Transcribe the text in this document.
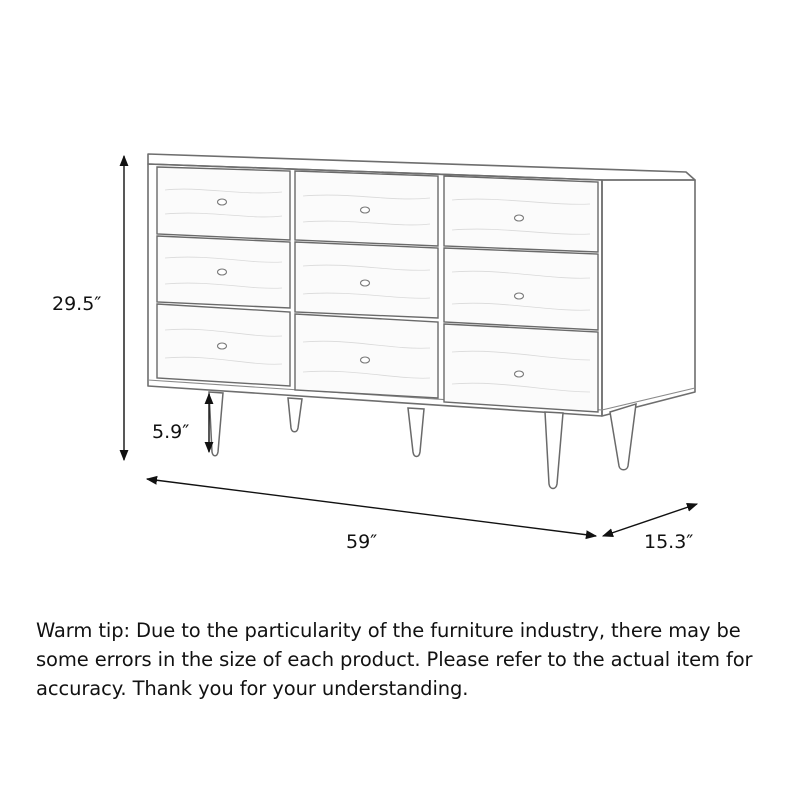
29.5″
5.9″
59″	15.3″

Warm tip: Due to the particularity of the furniture industry, there may be some errors in the size of each product. Please refer to the actual item for accuracy. Thank you for your understanding.
